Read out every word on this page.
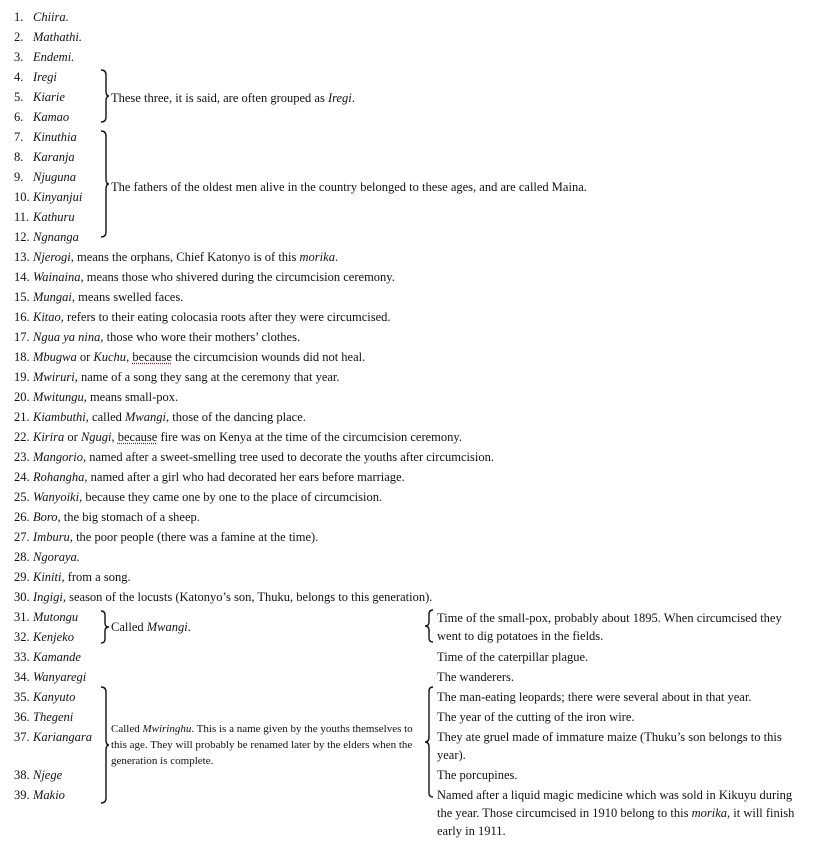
1. Chiira.
2. Mathathi.
3. Endemi.
4. Iregi
5. Kiarie
6. Kamao
7. Kinuthia
8. Karanja
9. Njuguna
10. Kinyanjui
11. Kathuru
12. Ngnanga
These three, it is said, are often grouped as Iregi.
The fathers of the oldest men alive in the country belonged to these ages, and are called Maina.
13. Njerogi, means the orphans, Chief Katonyo is of this morika.
14. Wainaina, means those who shivered during the circumcision ceremony.
15. Mungai, means swelled faces.
16. Kitao, refers to their eating colocasia roots after they were circumcised.
17. Ngua ya nina, those who wore their mothers’ clothes.
18. Mbugwa or Kuchu, because the circumcision wounds did not heal.
19. Mwiruri, name of a song they sang at the ceremony that year.
20. Mwitungu, means small-pox.
21. Kiambuthi, called Mwangi, those of the dancing place.
22. Kirira or Ngugi, because fire was on Kenya at the time of the circumcision ceremony.
23. Mangorio, named after a sweet-smelling tree used to decorate the youths after circumcision.
24. Rohangha, named after a girl who had decorated her ears before marriage.
25. Wanyoiki, because they came one by one to the place of circumcision.
26. Boro, the big stomach of a sheep.
27. Imburu, the poor people (there was a famine at the time).
28. Ngoraya.
29. Kiniti, from a song.
30. Ingigi, season of the locusts (Katonyo’s son, Thuku, belongs to this generation).
31. Mutongu
32. Kenjeko
33. Kamande
34. Wanyaregi
35. Kanyuto
36. Thegeni
37. Kariangara
38. Njege
39. Makio
Called Mwangi.
Called Mwiringhu. This is a name given by the youths themselves to this age. They will probably be renamed later by the elders when the generation is complete.
Time of the small-pox, probably about 1895. When circumcised they went to dig potatoes in the fields.
Time of the caterpillar plague.
The wanderers.
The man-eating leopards; there were several about in that year.
The year of the cutting of the iron wire.
They ate gruel made of immature maize (Thuku’s son belongs to this year).
The porcupines.
Named after a liquid magic medicine which was sold in Kikuyu during the year. Those circumcised in 1910 belong to this morika, it will finish early in 1911.
